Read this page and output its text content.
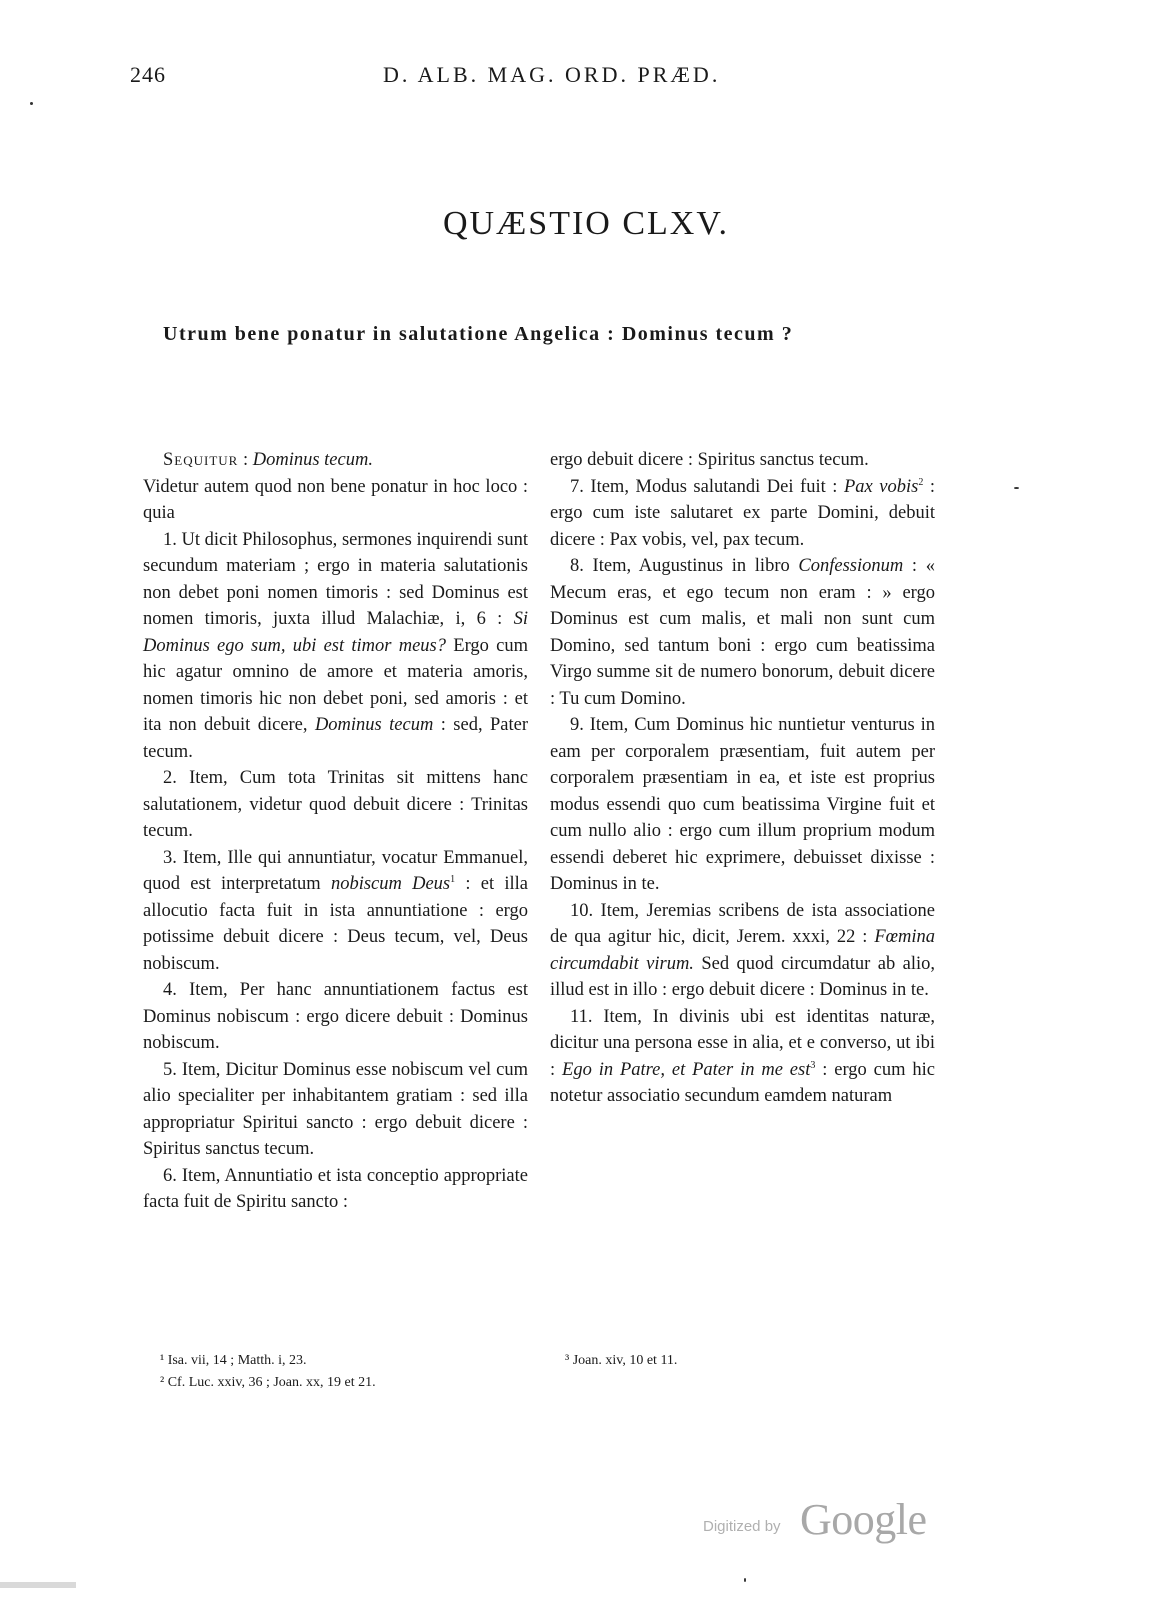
246	D. ALB. MAG. ORD. PRÆD.
QUÆSTIO CLXV.
Utrum bene ponatur in salutatione Angelica : Dominus tecum ?

Sequitur : Dominus tecum.

Videtur autem quod non bene ponatur in hoc loco : quia

1. Ut dicit Philosophus, sermones inquirendi sunt secundum materiam ; ergo in materia salutationis non debet poni nomen timoris : sed Dominus est nomen timoris, juxta illud Malachiæ, i, 6 : Si Dominus ego sum, ubi est timor meus? Ergo cum hic agatur omnino de amore et materia amoris, nomen timoris hic non debet poni, sed amoris : et ita non debuit dicere, Dominus tecum : sed, Pater tecum.

2. Item, Cum tota Trinitas sit mittens hanc salutationem, videtur quod debuit dicere : Trinitas tecum.

3. Item, Ille qui annuntiatur, vocatur Emmanuel, quod est interpretatum nobiscum Deus$^1$ : et illa allocutio facta fuit in ista annuntiatione : ergo potissime debuit dicere : Deus tecum, vel, Deus nobiscum.

4. Item, Per hanc annuntiationem factus est Dominus nobiscum : ergo dicere debuit : Dominus nobiscum.

5. Item, Dicitur Dominus esse nobiscum vel cum alio specialiter per inhabitantem gratiam : sed illa appropriatur Spiritui sancto : ergo debuit dicere : Spiritus sanctus tecum.

6. Item, Annuntiatio et ista conceptio appropriate facta fuit de Spiritu sancto :

ergo debuit dicere : Spiritus sanctus tecum.

7. Item, Modus salutandi Dei fuit : Pax vobis$^2$ : ergo cum iste salutaret ex parte Domini, debuit dicere : Pax vobis, vel, pax tecum.

8. Item, Augustinus in libro Confessionum : « Mecum eras, et ego tecum non eram : » ergo Dominus est cum malis, et mali non sunt cum Domino, sed tantum boni : ergo cum beatissima Virgo summe sit de numero bonorum, debuit dicere : Tu cum Domino.

9. Item, Cum Dominus hic nuntietur venturus in eam per corporalem præsentiam, fuit autem per corporalem præsentiam in ea, et iste est proprius modus essendi quo cum beatissima Virgine fuit et cum nullo alio : ergo cum illum proprium modum essendi deberet hic exprimere, debuisset dixisse : Dominus in te.

10. Item, Jeremias scribens de ista associatione de qua agitur hic, dicit, Jerem. xxxi, 22 : Fœmina circumdabit virum. Sed quod circumdatur ab alio, illud est in illo : ergo debuit dicere : Dominus in te.

11. Item, In divinis ubi est identitas naturæ, dicitur una persona esse in alia, et e converso, ut ibi : Ego in Patre, et Pater in me est$^3$ : ergo cum hic notetur associatio secundum eamdem naturam

¹ Isa. vii, 14 ; Matth. i, 23.
² Cf. Luc. xxiv, 36 ; Joan. xx, 19 et 21.
³ Joan. xiv, 10 et 11.
Digitized by Google
